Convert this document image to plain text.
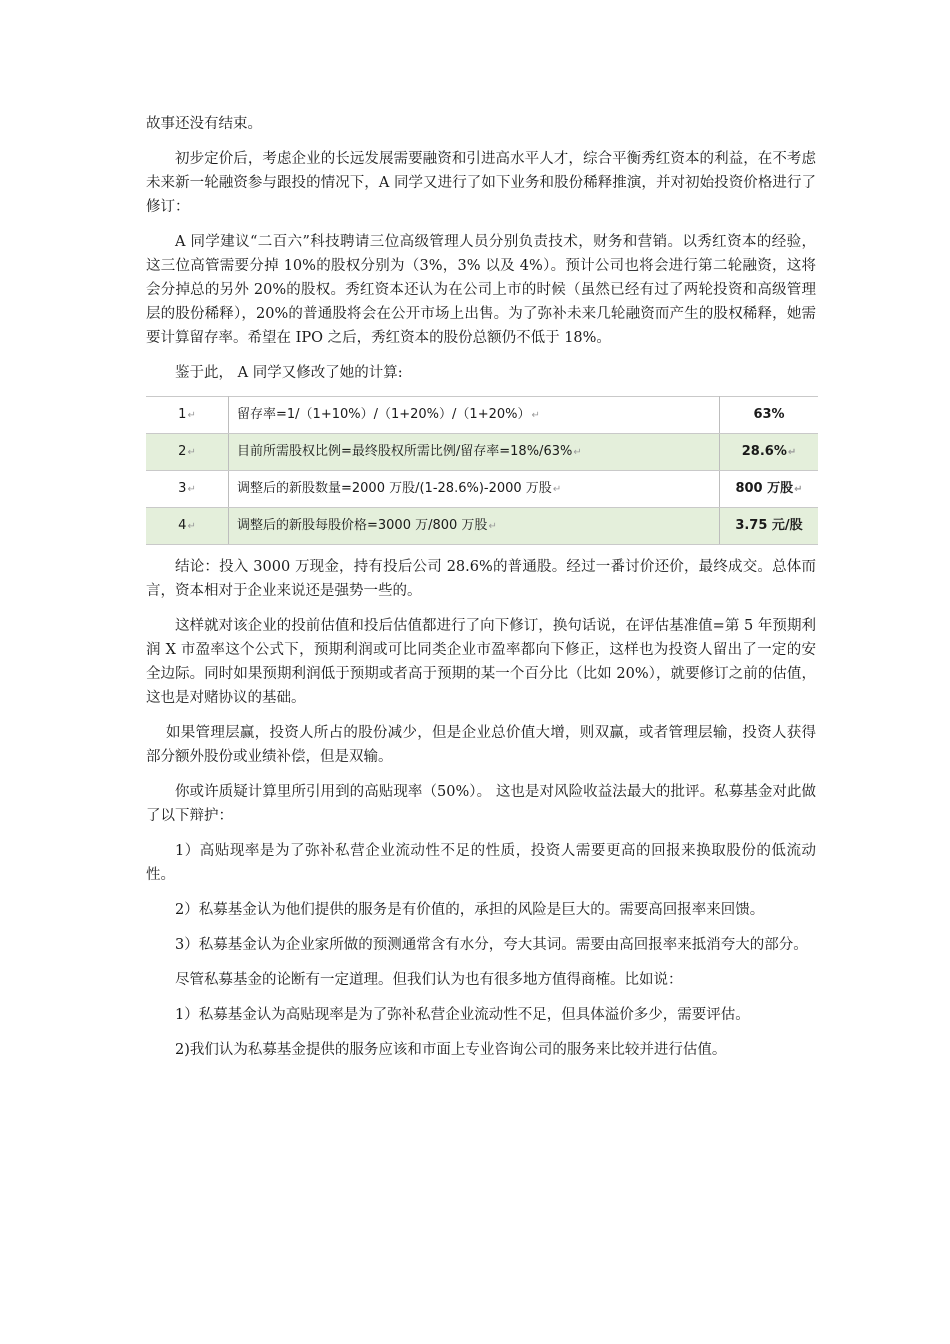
故事还没有结束。

初步定价后，考虑企业的长远发展需要融资和引进高水平人才，综合平衡秀红资本的利益，在不考虑未来新一轮融资参与跟投的情况下，A 同学又进行了如下业务和股份稀释推演，并对初始投资价格进行了修订：

A 同学建议“二百六”科技聘请三位高级管理人员分别负责技术，财务和营销。以秀红资本的经验， 这三位高管需要分掉 10%的股权分别为（3%，3% 以及 4%）。预计公司也将会进行第二轮融资，这将会分掉总的另外 20%的股权。秀红资本还认为在公司上市的时候（虽然已经有过了两轮投资和高级管理层的股份稀释），20%的普通股将会在公开市场上出售。为了弥补未来几轮融资而产生的股权稀释，她需要计算留存率。希望在 IPO 之后，秀红资本的股份总额仍不低于 18%。

鉴于此， A 同学又修改了她的计算:

1↵	留存率=1/（1+10%）/（1+20%）/（1+20%）↵	63%
2↵	目前所需股权比例=最终股权所需比例/留存率=18%/63%↵	28.6%↵
3↵	调整后的新股数量=2000 万股/(1-28.6%)-2000 万股↵	800 万股↵
4↵	调整后的新股每股价格=3000 万/800 万股↵	3.75 元/股

结论：投入 3000 万现金，持有投后公司 28.6%的普通股。经过一番讨价还价，最终成交。总体而言，资本相对于企业来说还是强势一些的。

这样就对该企业的投前估值和投后估值都进行了向下修订，换句话说，在评估基准值=第 5 年预期利润 X 市盈率这个公式下，预期利润或可比同类企业市盈率都向下修正，这样也为投资人留出了一定的安全边际。同时如果预期利润低于预期或者高于预期的某一个百分比（比如 20%），就要修订之前的估值，这也是对赌协议的基础。

如果管理层赢，投资人所占的股份减少，但是企业总价值大增，则双赢，或者管理层输，投资人获得部分额外股份或业绩补偿，但是双输。

你或许质疑计算里所引用到的高贴现率（50%）。 这也是对风险收益法最大的批评。私募基金对此做了以下辩护：

1）高贴现率是为了弥补私营企业流动性不足的性质，投资人需要更高的回报来换取股份的低流动性。

2）私募基金认为他们提供的服务是有价值的，承担的风险是巨大的。需要高回报率来回馈。

3）私募基金认为企业家所做的预测通常含有水分，夸大其词。需要由高回报率来抵消夸大的部分。

尽管私募基金的论断有一定道理。但我们认为也有很多地方值得商榷。比如说：

1）私募基金认为高贴现率是为了弥补私营企业流动性不足，但具体溢价多少，需要评估。

2)我们认为私募基金提供的服务应该和市面上专业咨询公司的服务来比较并进行估值。
